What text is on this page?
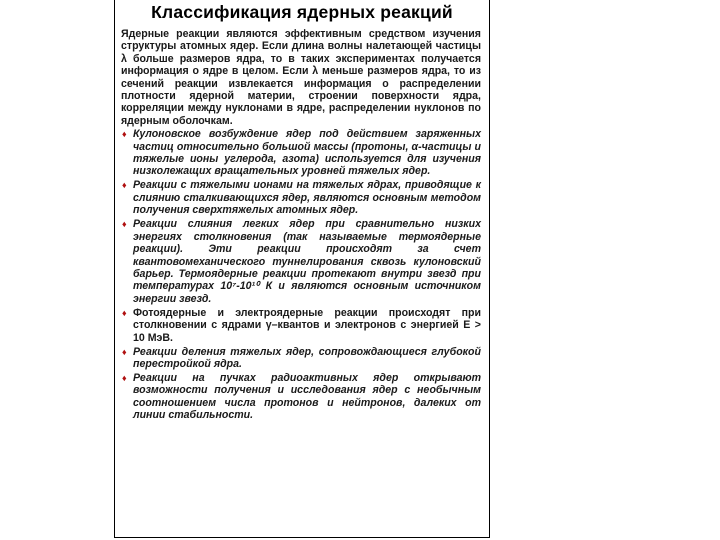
Классификация ядерных реакций

Ядерные реакции являются эффективным средством изучения структуры атомных ядер. Если длина волны налетающей частицы λ больше размеров ядра, то в таких экспериментах получается информация о ядре в целом. Если λ меньше размеров ядра, то из сечений реакции извлекается информация о распределении плотности ядерной материи, строении поверхности ядра, корреляции между нуклонами в ядре, распределении нуклонов по ядерным оболочкам.

♦ Кулоновское возбуждение ядер под действием заряженных частиц относительно большой массы (протоны, α-частицы и тяжелые ионы углерода, азота) используется для изучения низколежащих вращательных уровней тяжелых ядер.
♦ Реакции с тяжелыми ионами на тяжелых ядрах, приводящие к слиянию сталкивающихся ядер, являются основным методом получения сверхтяжелых атомных ядер.
♦ Реакции слияния легких ядер при сравнительно низких энергиях столкновения (так называемые термоядерные реакции). Эти реакции происходят за счет квантовомеханического туннелирования сквозь кулоновский барьер. Термоядерные реакции протекают внутри звезд при температурах 10⁷-10¹⁰ К и являются основным источником энергии звезд.
♦ Фотоядерные и электроядерные реакции происходят при столкновении с ядрами γ–квантов и электронов с энергией E > 10 МэВ.
♦ Реакции деления тяжелых ядер, сопровождающиеся глубокой перестройкой ядра.
♦ Реакции на пучках радиоактивных ядер открывают возможности получения и исследования ядер с необычным соотношением числа протонов и нейтронов, далеких от линии стабильности.
